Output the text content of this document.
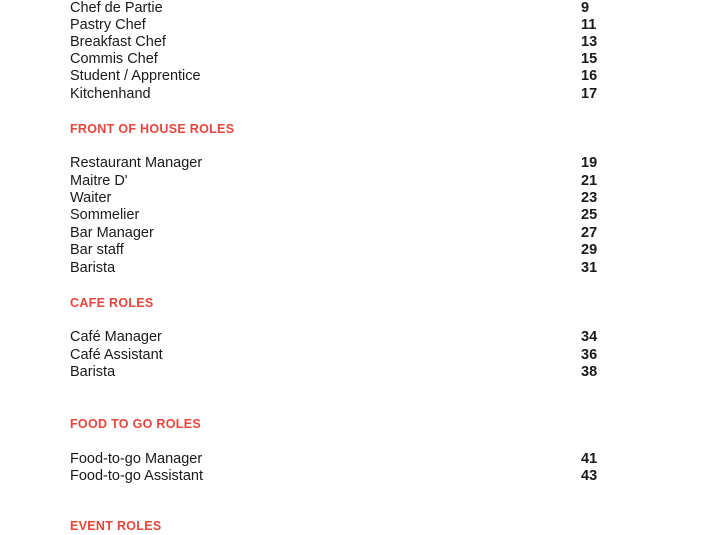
Chef de Partie	9
Pastry Chef	11
Breakfast Chef	13
Commis Chef	15
Student / Apprentice	16
Kitchenhand	17
FRONT OF HOUSE ROLES
Restaurant Manager	19
Maitre D'	21
Waiter	23
Sommelier	25
Bar Manager	27
Bar staff	29
Barista	31
CAFE ROLES
Café Manager	34
Café Assistant	36
Barista	38
FOOD TO GO ROLES
Food-to-go Manager	41
Food-to-go Assistant	43
EVENT ROLES
